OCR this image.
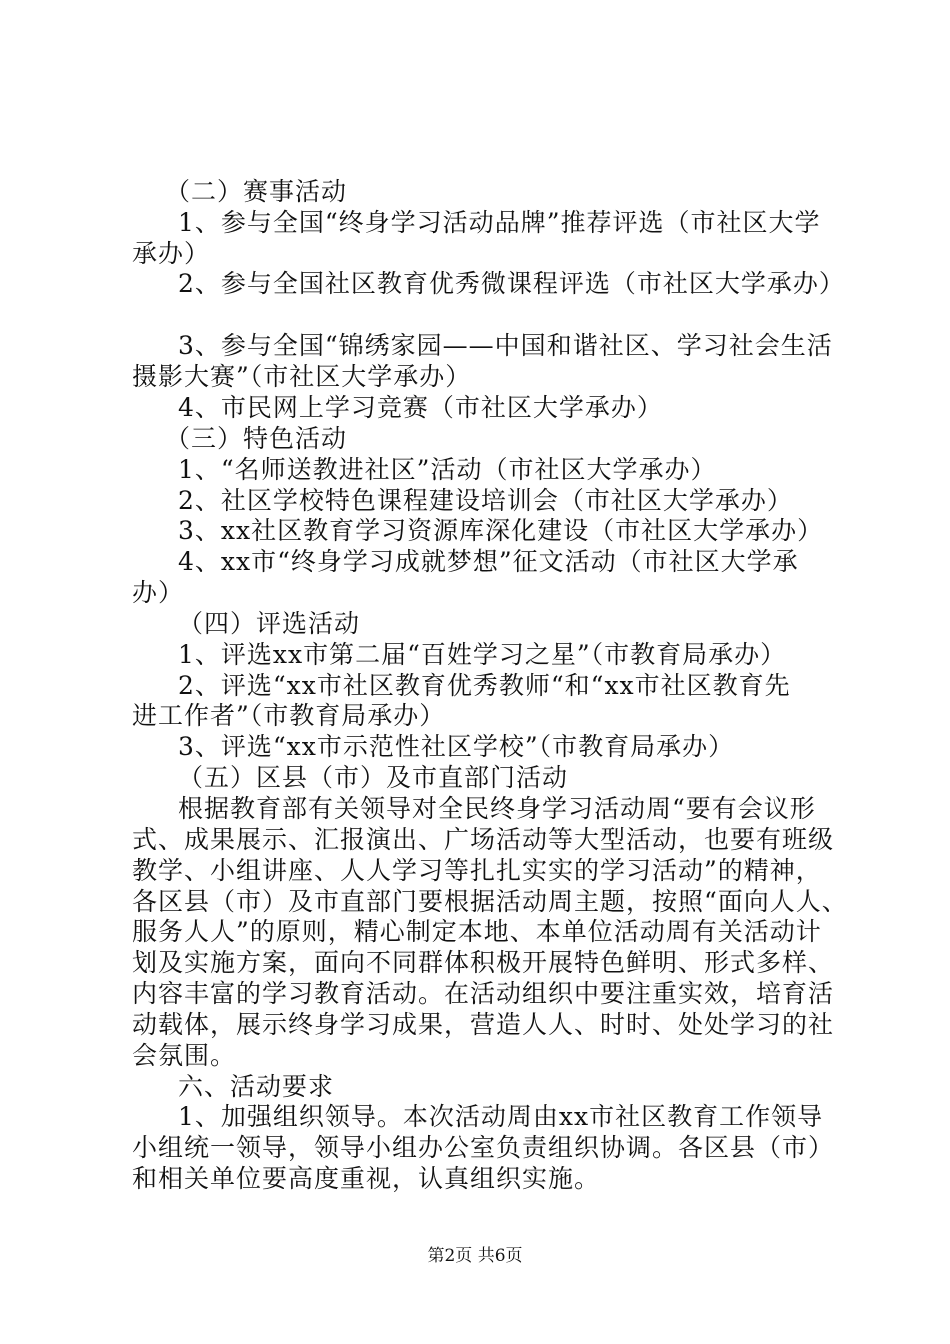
（二）赛事活动
1、参与全国“终身学习活动品牌”推荐评选（市社区大学
承办）
2、参与全国社区教育优秀微课程评选（市社区大学承办）
3、参与全国“锦绣家园——中国和谐社区、学习社会生活
摄影大赛”（市社区大学承办）
4、市民网上学习竞赛（市社区大学承办）
（三）特色活动
1、“名师送教进社区”活动（市社区大学承办）
2、社区学校特色课程建设培训会（市社区大学承办）
3、xx社区教育学习资源库深化建设（市社区大学承办）
4、xx市“终身学习成就梦想”征文活动（市社区大学承
办）
（四）评选活动
1、评选xx市第二届“百姓学习之星”（市教育局承办）
2、评选“xx市社区教育优秀教师“和“xx市社区教育先
进工作者”（市教育局承办）
3、评选“xx市示范性社区学校”（市教育局承办）
（五）区县（市）及市直部门活动
根据教育部有关领导对全民终身学习活动周“要有会议形
式、成果展示、汇报演出、广场活动等大型活动，也要有班级
教学、小组讲座、人人学习等扎扎实实的学习活动”的精神，
各区县（市）及市直部门要根据活动周主题，按照“面向人人、
服务人人”的原则，精心制定本地、本单位活动周有关活动计
划及实施方案，面向不同群体积极开展特色鲜明、形式多样、
内容丰富的学习教育活动。在活动组织中要注重实效，培育活
动载体，展示终身学习成果，营造人人、时时、处处学习的社
会氛围。
六、活动要求
1、加强组织领导。本次活动周由xx市社区教育工作领导
小组统一领导，领导小组办公室负责组织协调。各区县（市）
和相关单位要高度重视，认真组织实施。
第2页 共6页
